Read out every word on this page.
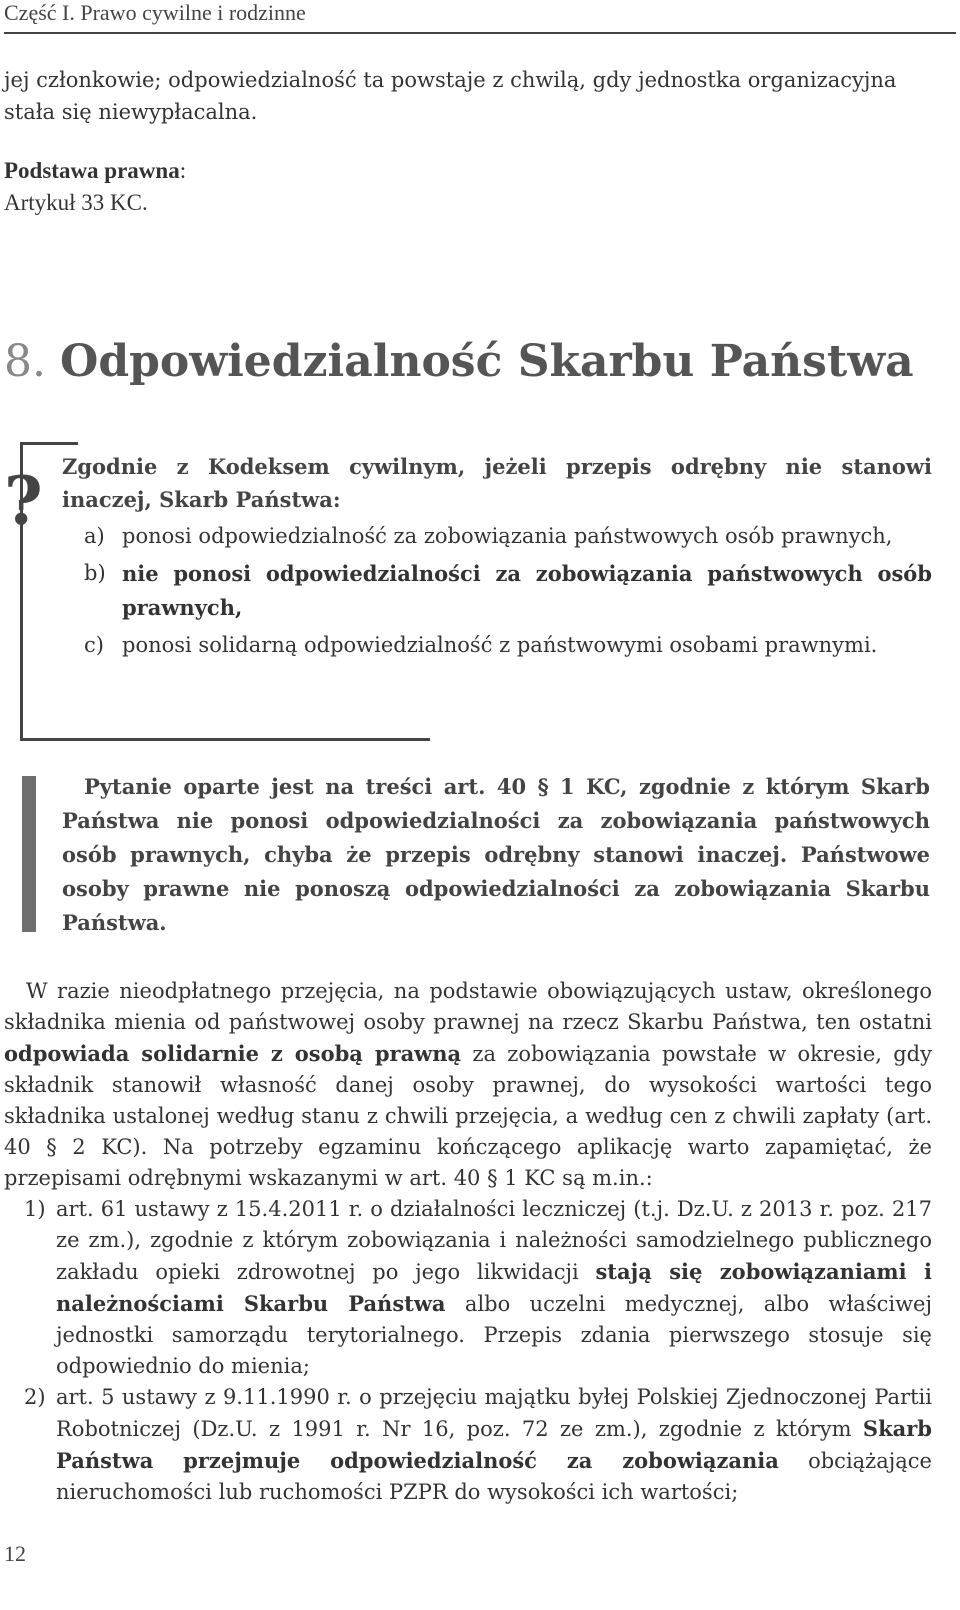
Część I. Prawo cywilne i rodzinne

jej członkowie; odpowiedzialność ta powstaje z chwilą, gdy jednostka organizacyjna stała się niewypłacalna.

Podstawa prawna:
Artykuł 33 KC.
8. Odpowiedzialność Skarbu Państwa
? Zgodnie z Kodeksem cywilnym, jeżeli przepis odrębny nie stanowi inaczej, Skarb Państwa:
a) ponosi odpowiedzialność za zobowiązania państwowych osób prawnych,
b) nie ponosi odpowiedzialności za zobowiązania państwowych osób prawnych,
c) ponosi solidarną odpowiedzialność z państwowymi osobami prawnymi.
Pytanie oparte jest na treści art. 40 § 1 KC, zgodnie z którym Skarb Państwa nie ponosi odpowiedzialności za zobowiązania państwowych osób prawnych, chyba że przepis odrębny stanowi inaczej. Państwowe osoby prawne nie ponoszą odpowiedzialności za zobowiązania Skarbu Państwa.

W razie nieodpłatnego przejęcia, na podstawie obowiązujących ustaw, określonego składnika mienia od państwowej osoby prawnej na rzecz Skarbu Państwa, ten ostatni odpowiada solidarnie z osobą prawną za zobowiązania powstałe w okresie, gdy składnik stanowił własność danej osoby prawnej, do wysokości wartości tego składnika ustalonej według stanu z chwili przejęcia, a według cen z chwili zapłaty (art. 40 § 2 KC). Na potrzeby egzaminu kończącego aplikację warto zapamiętać, że przepisami odrębnymi wskazanymi w art. 40 § 1 KC są m.in.:

1) art. 61 ustawy z 15.4.2011 r. o działalności leczniczej (t.j. Dz.U. z 2013 r. poz. 217 ze zm.), zgodnie z którym zobowiązania i należności samodzielnego publicznego zakładu opieki zdrowotnej po jego likwidacji stają się zobowiązaniami i należnościami Skarbu Państwa albo uczelni medycznej, albo właściwej jednostki samorządu terytorialnego. Przepis zdania pierwszego stosuje się odpowiednio do mienia;
2) art. 5 ustawy z 9.11.1990 r. o przejęciu majątku byłej Polskiej Zjednoczonej Partii Robotniczej (Dz.U. z 1991 r. Nr 16, poz. 72 ze zm.), zgodnie z którym Skarb Państwa przejmuje odpowiedzialność za zobowiązania obciążające nieruchomości lub ruchomości PZPR do wysokości ich wartości;
12
